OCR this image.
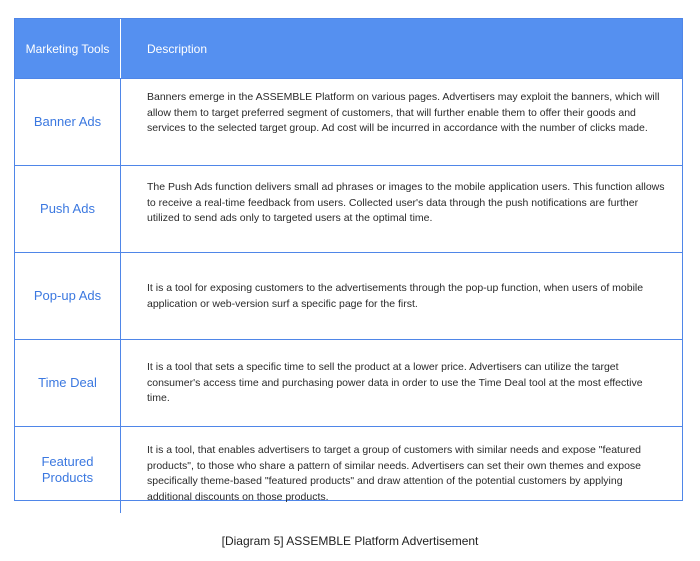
Marketing Tools	Description
Banner Ads
Banners emerge in the ASSEMBLE Platform on various pages. Advertisers may exploit the banners, which will allow them to target preferred segment of customers, that will further enable them to offer their goods and services to the selected target group. Ad cost will be incurred in accordance with the number of clicks made.
Push Ads
The Push Ads function delivers small ad phrases or images to the mobile application users. This function allows to receive a real-time feedback from users. Collected user's data through the push notifications are further utilized to send ads only to targeted users at the optimal time.
Pop-up Ads	It is a tool for exposing customers to the advertisements through the pop-up function, when users of mobile application or web-version surf a specific page for the first.
Time Deal
It is a tool that sets a specific time to sell the product at a lower price. Advertisers can utilize the target consumer's access time and purchasing power data in order to use the Time Deal tool at the most effective time.
Featured Products
It is a tool, that enables advertisers to target a group of customers with similar needs and expose "featured products", to those who share a pattern of similar needs. Advertisers can set their own themes and expose specifically theme-based "featured products" and draw attention of the potential customers by applying additional discounts on those products.
[Diagram 5] ASSEMBLE Platform Advertisement
